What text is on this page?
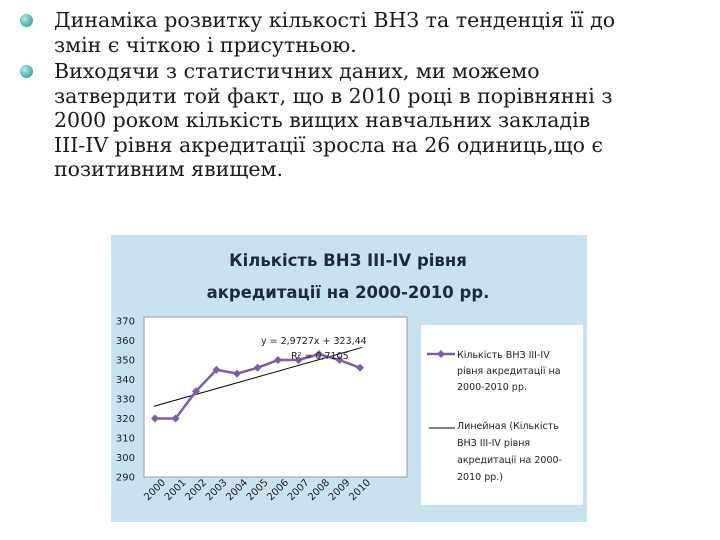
Динаміка розвитку кількості ВНЗ та тенденція її до
змін є чіткою і присутньою.
Виходячи з статистичних даних, ми можемо
затвердити той факт, що в 2010 році в порівнянні з
2000 роком кількість вищих навчальних закладів
ІІІ-ІV рівня акредитації зросла на 26 одиниць,що є
позитивним явищем.
Кількість ВНЗ ІІІ-ІV рівня
акредитації на 2000-2010 рр.
370
360
350
340
330
320
310
300
290 2000
2001
2002
2003
2004
2005
2006
2007
2008
2009
2010
y = 2,9727x + 323,44
R² = 0,7105	Кількість ВНЗ ІІІ-ІV
рівня акредитації на
2000-2010 рр.
Линейная (Кількість
ВНЗ ІІІ-ІV рівня
акредитації на 2000-
2010 рр.)
